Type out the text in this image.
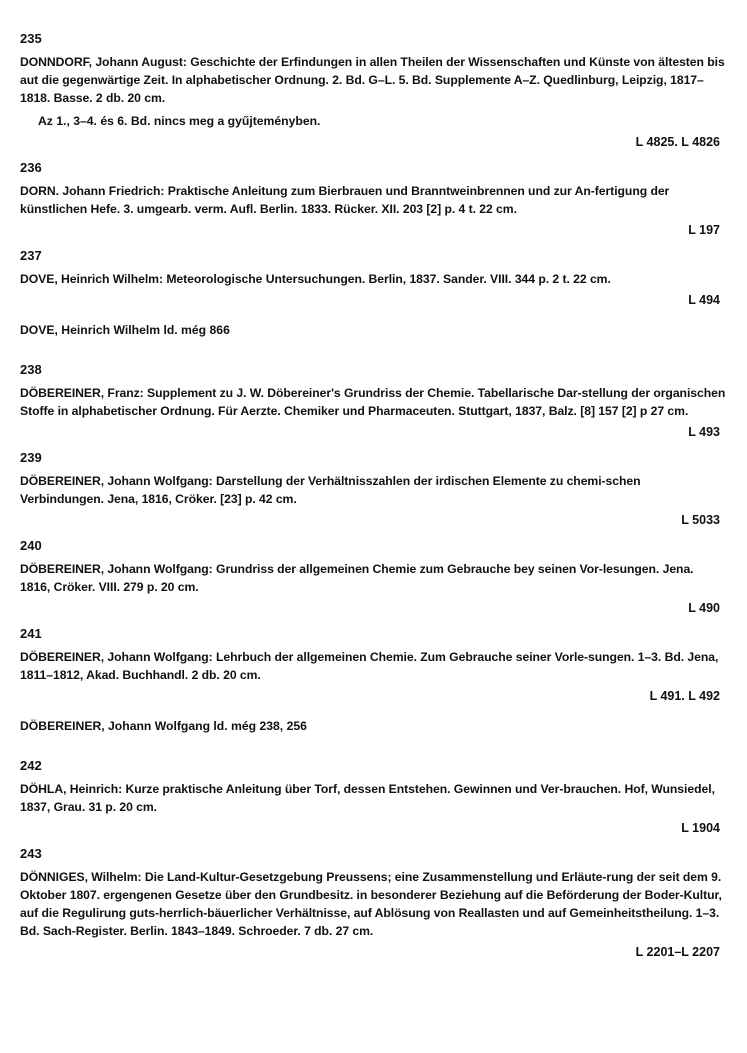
235
DONNDORF, Johann August: Geschichte der Erfindungen in allen Theilen der Wissenschaften und Künste von ältesten bis aut die gegenwärtige Zeit. In alphabetischer Ordnung. 2. Bd. G–L. 5. Bd. Supplemente A–Z. Quedlinburg, Leipzig, 1817–1818. Basse. 2 db. 20 cm.
Az 1., 3–4. és 6. Bd. nincs meg a gyűjteményben.
L 4825. L 4826
236
DORN. Johann Friedrich: Praktische Anleitung zum Bierbrauen und Branntweinbrennen und zur An-fertigung der künstlichen Hefe. 3. umgearb. verm. Aufl. Berlin. 1833. Rücker. XII. 203 [2] p. 4 t. 22 cm.
L 197
237
DOVE, Heinrich Wilhelm: Meteorologische Untersuchungen. Berlin, 1837. Sander. VIII. 344 p. 2 t. 22 cm.
L 494
DOVE, Heinrich Wilhelm ld. még 866
238
DÖBEREINER, Franz: Supplement zu J. W. Döbereiner's Grundriss der Chemie. Tabellarische Dar-stellung der organischen Stoffe in alphabetischer Ordnung. Für Aerzte. Chemiker und Pharmaceuten. Stuttgart, 1837, Balz. [8] 157 [2] p 27 cm.
L 493
239
DÖBEREINER, Johann Wolfgang: Darstellung der Verhältnisszahlen der irdischen Elemente zu chemi-schen Verbindungen. Jena, 1816, Cröker. [23] p. 42 cm.
L 5033
240
DÖBEREINER, Johann Wolfgang: Grundriss der allgemeinen Chemie zum Gebrauche bey seinen Vor-lesungen. Jena. 1816, Cröker. VIII. 279 p. 20 cm.
L 490
241
DÖBEREINER, Johann Wolfgang: Lehrbuch der allgemeinen Chemie. Zum Gebrauche seiner Vorle-sungen. 1–3. Bd. Jena, 1811–1812, Akad. Buchhandl. 2 db. 20 cm.
L 491. L 492
DÖBEREINER, Johann Wolfgang ld. még 238, 256
242
DÖHLA, Heinrich: Kurze praktische Anleitung über Torf, dessen Entstehen. Gewinnen und Ver-brauchen. Hof, Wunsiedel, 1837, Grau. 31 p. 20 cm.
L 1904
243
DÖNNIGES, Wilhelm: Die Land-Kultur-Gesetzgebung Preussens; eine Zusammenstellung und Erläute-rung der seit dem 9. Oktober 1807. ergengenen Gesetze über den Grundbesitz. in besonderer Beziehung auf die Beförderung der Boder-Kultur, auf die Regulirung guts-herrlich-bäuerlicher Verhältnisse, auf Ablösung von Reallasten und auf Gemeinheitstheilung. 1–3. Bd. Sach-Register. Berlin. 1843–1849. Schroeder. 7 db. 27 cm.
L 2201–L 2207
